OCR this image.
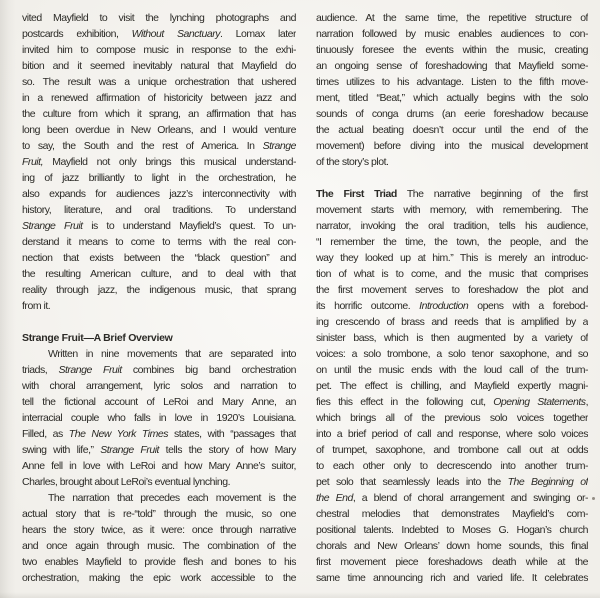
vited Mayfield to visit the lynching photographs and
postcards exhibition, Without Sanctuary. Lomax later
invited him to compose music in response to the exhi-
bition and it seemed inevitably natural that Mayfield do
so. The result was a unique orchestration that ushered
in a renewed affirmation of historicity between jazz and
the culture from which it sprang, an affirmation that has
long been overdue in New Orleans, and I would venture
to say, the South and the rest of America. In Strange
Fruit, Mayfield not only brings this musical understand-
ing of jazz brilliantly to light in the orchestration, he
also expands for audiences jazz’s interconnectivity with
history, literature, and oral traditions. To understand
Strange Fruit is to understand Mayfield’s quest. To un-
derstand it means to come to terms with the real con-
nection that exists between the “black question” and
the resulting American culture, and to deal with that
reality through jazz, the indigenous music, that sprang
from it.
Strange Fruit—A Brief Overview
Written in nine movements that are separated into
triads, Strange Fruit combines big band orchestration
with choral arrangement, lyric solos and narration to
tell the fictional account of LeRoi and Mary Anne, an
interracial couple who falls in love in 1920’s Louisiana.
Filled, as The New York Times states, with “passages that
swing with life,” Strange Fruit tells the story of how Mary
Anne fell in love with LeRoi and how Mary Anne’s suitor,
Charles, brought about LeRoi’s eventual lynching.
The narration that precedes each movement is the
actual story that is re-“told” through the music, so one
hears the story twice, as it were: once through narrative
and once again through music. The combination of the
two enables Mayfield to provide flesh and bones to his
orchestration, making the epic work accessible to the
audience. At the same time, the repetitive structure of
narration followed by music enables audiences to con-
tinuously foresee the events within the music, creating
an ongoing sense of foreshadowing that Mayfield some-
times utilizes to his advantage. Listen to the fifth move-
ment, titled “Beat,” which actually begins with the solo
sounds of conga drums (an eerie foreshadow because
the actual beating doesn’t occur until the end of the
movement) before diving into the musical development
of the story’s plot.
The First Triad The narrative beginning of the first
movement starts with memory, with remembering. The
narrator, invoking the oral tradition, tells his audience,
“I remember the time, the town, the people, and the
way they looked up at him.” This is merely an introduc-
tion of what is to come, and the music that comprises
the first movement serves to foreshadow the plot and
its horrific outcome. Introduction opens with a forebod-
ing crescendo of brass and reeds that is amplified by a
sinister bass, which is then augmented by a variety of
voices: a solo trombone, a solo tenor saxophone, and so
on until the music ends with the loud call of the trum-
pet. The effect is chilling, and Mayfield expertly magni-
fies this effect in the following cut, Opening Statements,
which brings all of the previous solo voices together
into a brief period of call and response, where solo voices
of trumpet, saxophone, and trombone call out at odds
to each other only to decrescendo into another trum-
pet solo that seamlessly leads into the The Beginning of
the End, a blend of choral arrangement and swinging or-
chestral melodies that demonstrates Mayfield’s com-
positional talents. Indebted to Moses G. Hogan’s church
chorals and New Orleans’ down home sounds, this final
first movement piece foreshadows death while at the
same time announcing rich and varied life. It celebrates
